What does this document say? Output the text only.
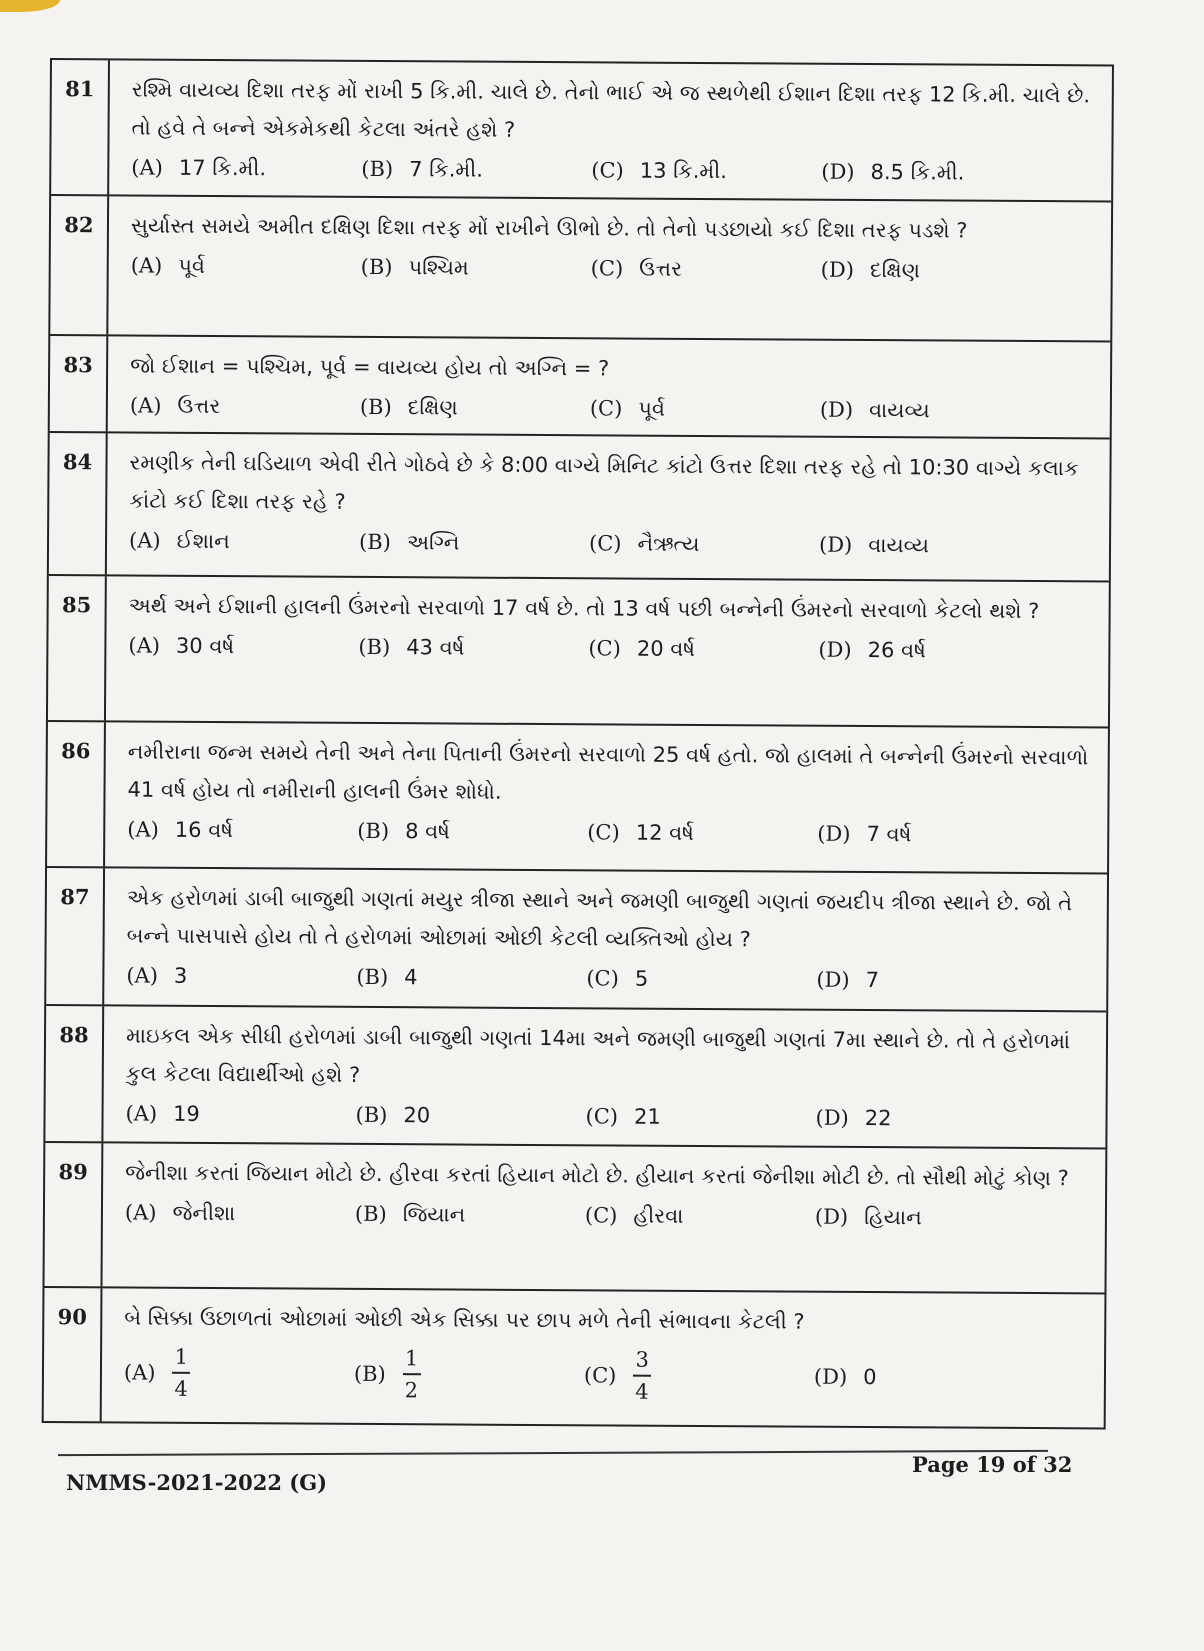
81	રશ્મિ વાયવ્ય દિશા તરફ મોં રાખી 5 કિ.મી. ચાલે છે. તેનો ભાઈ એ જ સ્થળેથી ઈશાન દિશા તરફ 12 કિ.મી. ચાલે છે. તો હવે તે બન્ને એકમેકથી કેટલા અંતરે હશે ?

(A) 17 કિ.મી.	(B) 7 કિ.મી.	(C) 13 કિ.મી.	(D) 8.5 કિ.મી.
82	સુર્યાસ્ત સમયે અમીત દક્ષિણ દિશા તરફ મોં રાખીને ઊભો છે. તો તેનો પડછાયો કઈ દિશા તરફ પડશે ?

(A) પૂર્વ	(B) પશ્ચિમ	(C) ઉત્તર	(D) દક્ષિણ
83	જો ઈશાન = પશ્ચિમ, પૂર્વ = વાયવ્ય હોય તો અગ્નિ = ?

(A) ઉત્તર	(B) દક્ષિણ	(C) પૂર્વ	(D) વાયવ્ય
84	રમણીક તેની ઘડિયાળ એવી રીતે ગોઠવે છે કે 8:00 વાગ્યે મિનિટ કાંટો ઉત્તર દિશા તરફ રહે તો 10:30 વાગ્યે કલાક કાંટો કઈ દિશા તરફ રહે ?

(A) ઈશાન	(B) અગ્નિ	(C) નૈઋત્ય	(D) વાયવ્ય
85	અર્થ અને ઈશાની હાલની ઉંમરનો સરવાળો 17 વર્ષ છે. તો 13 વર્ષ પછી બન્નેની ઉંમરનો સરવાળો કેટલો થશે ?

(A) 30 વર્ષ	(B) 43 વર્ષ	(C) 20 વર્ષ	(D) 26 વર્ષ
86	નમીરાના જન્મ સમયે તેની અને તેના પિતાની ઉંમરનો સરવાળો 25 વર્ષ હતો. જો હાલમાં તે બન્નેની ઉંમરનો સરવાળો 41 વર્ષ હોય તો નમીરાની હાલની ઉંમર શોધો.

(A) 16 વર્ષ	(B) 8 વર્ષ	(C) 12 વર્ષ	(D) 7 વર્ષ
87	એક હરોળમાં ડાબી બાજુથી ગણતાં મયુર ત્રીજા સ્થાને અને જમણી બાજુથી ગણતાં જયદીપ ત્રીજા સ્થાને છે. જો તે બન્ને પાસપાસે હોય તો તે હરોળમાં ઓછામાં ઓછી કેટલી વ્યક્તિઓ હોય ?

(A) 3	(B) 4	(C) 5	(D) 7
88	માઇકલ એક સીધી હરોળમાં ડાબી બાજુથી ગણતાં 14મા અને જમણી બાજુથી ગણતાં 7મા સ્થાને છે. તો તે હરોળમાં કુલ કેટલા વિદ્યાર્થીઓ હશે ?

(A) 19	(B) 20	(C) 21	(D) 22
89	જેનીશા કરતાં જિયાન મોટો છે. હીરવા કરતાં હિયાન મોટો છે. હીયાન કરતાં જેનીશા મોટી છે. તો સૌથી મોટું કોણ ?

(A) જેનીશા	(B) જિયાન	(C) હીરવા	(D) હિયાન
90	બે સિક્કા ઉછાળતાં ઓછામાં ઓછી એક સિક્કા પર છાપ મળે તેની સંભાવના કેટલી ?

$(A) \frac{1}{4}$	$(B) \frac{1}{2}$	$(C) \frac{3}{4}$	(D) 0
NMMS-2021-2022 (G)
Page 19 of 32
